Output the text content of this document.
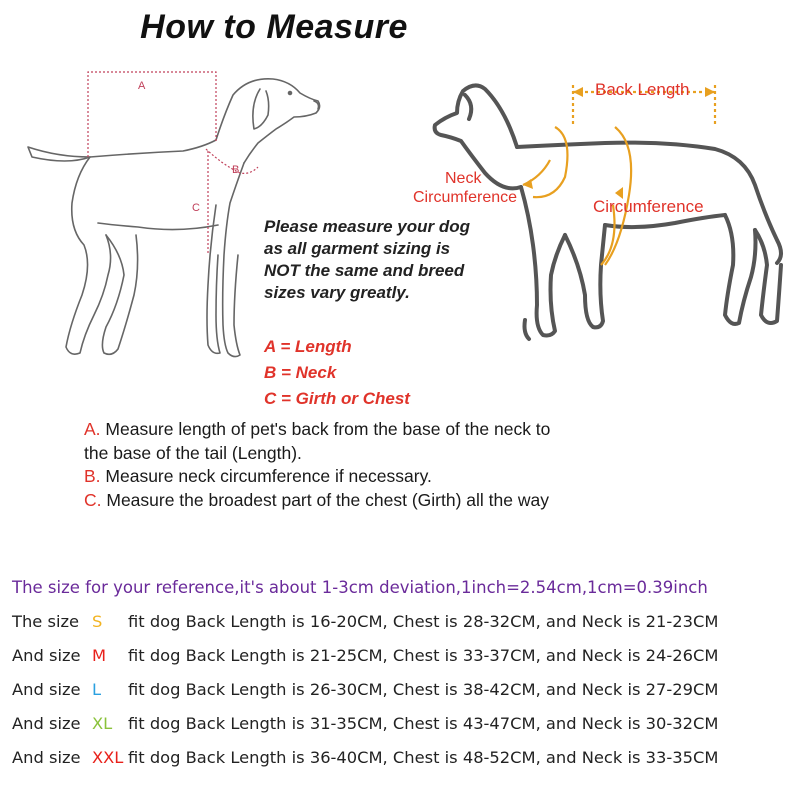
How to Measure
A
B
C
Back Length
Neck
Circumference	Circumference
Please measure your dog
as all garment sizing is
NOT the same and breed
sizes vary greatly.
A = Length
B = Neck
C = Girth or Chest
A. Measure length of pet's back from the base of the neck to
the base of the tail (Length).
B. Measure neck circumference if necessary.
C. Measure the broadest part of the chest (Girth) all the way
The size for your reference,it's about 1-3cm deviation,1inch=2.54cm,1cm=0.39inch
The size S fit dog Back Length is 16-20CM, Chest is 28-32CM, and Neck is 21-23CM
And size M fit dog Back Length is 21-25CM, Chest is 33-37CM, and Neck is 24-26CM
And size L fit dog Back Length is 26-30CM, Chest is 38-42CM, and Neck is 27-29CM
And size XL fit dog Back Length is 31-35CM, Chest is 43-47CM, and Neck is 30-32CM
And size XXL fit dog Back Length is 36-40CM, Chest is 48-52CM, and Neck is 33-35CM
